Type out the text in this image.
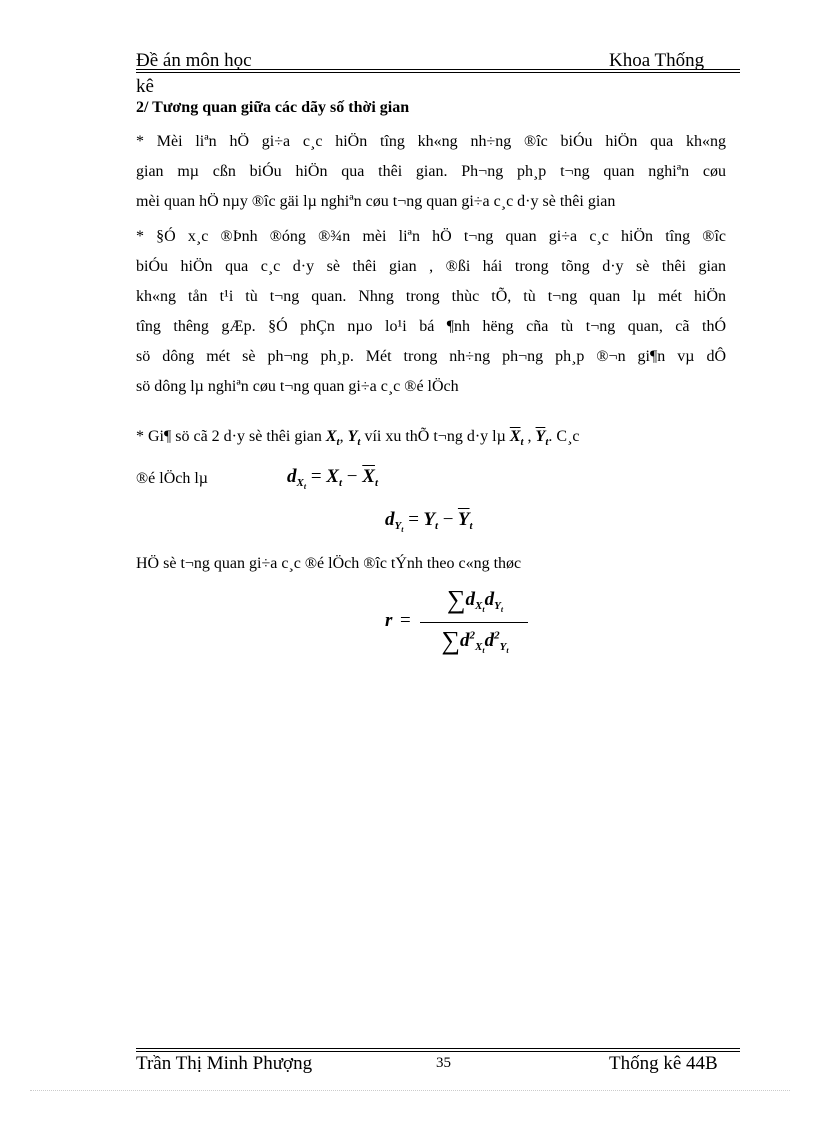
Đề án môn học	Khoa Thống
kê
2/ Tương quan giữa các dãy số thời gian
* Mèi liªn hÖ gi÷a c¸c hiÖn tîng kh«ng nh÷ng ®îc biÓu hiÖn qua kh«ng
gian mµ cßn biÓu hiÖn qua thêi gian. Ph¬ng ph¸p t¬ng quan nghiªn cøu
mèi quan hÖ nµy ®îc gäi lµ nghiªn cøu t¬ng quan gi÷a c¸c d·y sè thêi gian
* §Ó x¸c ®Þnh ®óng ®¾n mèi liªn hÖ t¬ng quan gi÷a c¸c hiÖn tîng ®îc
biÓu hiÖn qua c¸c d·y sè thêi gian , ®ßi hái trong tõng d·y sè thêi gian
kh«ng tån t¹i tù t¬ng quan. Nhng trong thùc tÕ, tù t¬ng quan lµ mét hiÖn
tîng thêng gÆp. §Ó phÇn nµo lo¹i bá ¶nh hëng cña tù t¬ng quan, cã thÓ
sö dông mét sè ph¬ng ph¸p. Mét trong nh÷ng ph¬ng ph¸p ®¬n gi¶n vµ dÔ
sö dông lµ nghiªn cøu t¬ng quan gi÷a c¸c ®é lÖch
* Gi¶ sö cã 2 d·y sè thêi gian $X_t$, $Y_t$ víi xu thÕ t¬ng d·y lµ $\overline{X}_t$ , $\overline{Y}_t$. C¸c
®é lÖch lµ	$d_{X_t} = X_t - \overline{X}_t$
$d_{Y_t} = Y_t - \overline{Y}_t$
HÖ sè t¬ng quan gi÷a c¸c ®é lÖch ®îc tÝnh theo c«ng thøc
r =
$\sum d_{X_t}d_{Y_t}$
$\sum d^2_{X_t}d^2_{Y_t}$
Trần Thị Minh Phượng	35	Thống kê 44B
